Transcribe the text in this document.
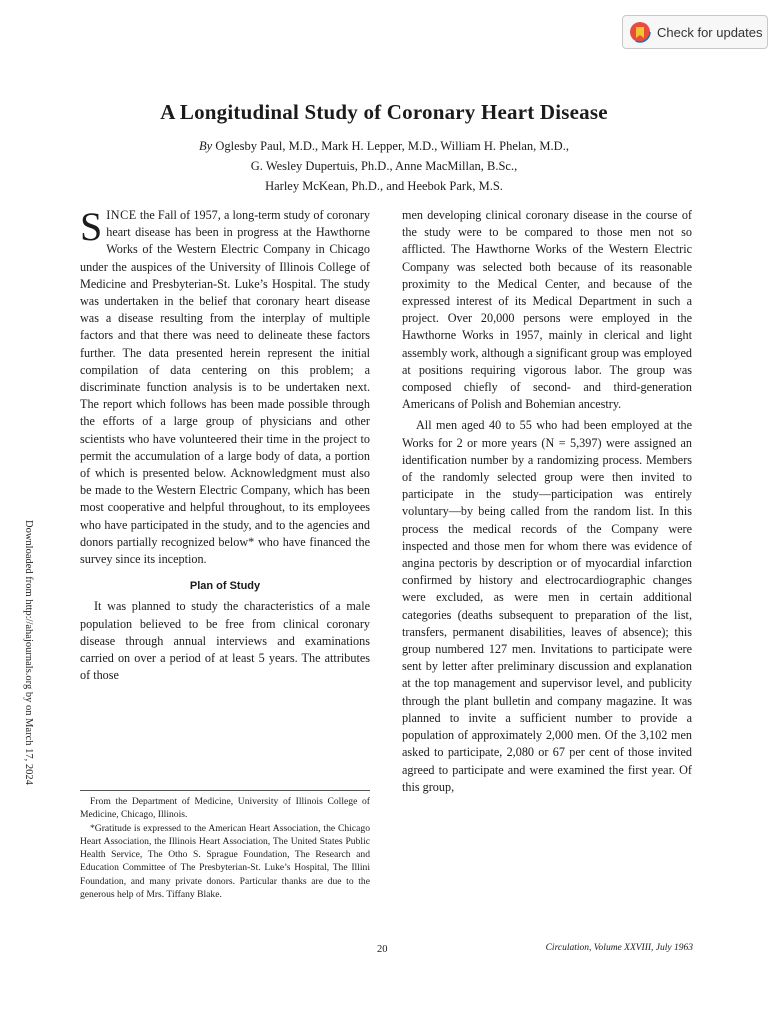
Check for updates
Downloaded from http://ahajournals.org by on March 17, 2024
A Longitudinal Study of Coronary Heart Disease
By Oglesby Paul, M.D., Mark H. Lepper, M.D., William H. Phelan, M.D.,
G. Wesley Dupertuis, Ph.D., Anne MacMillan, B.Sc.,
Harley McKean, Ph.D., and Heebok Park, M.S.

SINCE the Fall of 1957, a long-term study of coronary heart disease has been in progress at the Hawthorne Works of the Western Electric Company in Chicago under the auspices of the University of Illinois College of Medicine and Presbyterian-St. Luke’s Hospital. The study was undertaken in the belief that coronary heart disease was a disease resulting from the interplay of multiple factors and that there was need to delineate these factors further. The data presented herein represent the initial compilation of data centering on this problem; a discriminate function analysis is to be undertaken next. The report which follows has been made possible through the efforts of a large group of physicians and other scientists who have volunteered their time in the project to permit the accumulation of a large body of data, a portion of which is presented below. Acknowledgment must also be made to the Western Electric Company, which has been most cooperative and helpful throughout, to its employees who have participated in the study, and to the agencies and donors partially recognized below* who have financed the survey since its inception.

Plan of Study

It was planned to study the characteristics of a male population believed to be free from clinical coronary disease through annual interviews and examinations carried on over a period of at least 5 years. The attributes of those

From the Department of Medicine, University of Illinois College of Medicine, Chicago, Illinois.

*Gratitude is expressed to the American Heart Association, the Chicago Heart Association, the Illinois Heart Association, The United States Public Health Service, The Otho S. Sprague Foundation, The Research and Education Committee of The Presbyterian-St. Luke’s Hospital, The Illini Foundation, and many private donors. Particular thanks are due to the generous help of Mrs. Tiffany Blake.

men developing clinical coronary disease in the course of the study were to be compared to those men not so afflicted. The Hawthorne Works of the Western Electric Company was selected both because of its reasonable proximity to the Medical Center, and because of the expressed interest of its Medical Department in such a project. Over 20,000 persons were employed in the Hawthorne Works in 1957, mainly in clerical and light assembly work, although a significant group was employed at positions requiring vigorous labor. The group was composed chiefly of second- and third-generation Americans of Polish and Bohemian ancestry.

All men aged 40 to 55 who had been employed at the Works for 2 or more years (N = 5,397) were assigned an identification number by a randomizing process. Members of the randomly selected group were then invited to participate in the study—participation was entirely voluntary—by being called from the random list. In this process the medical records of the Company were inspected and those men for whom there was evidence of angina pectoris by description or of myocardial infarction confirmed by history and electrocardiographic changes were excluded, as were men in certain additional categories (deaths subsequent to preparation of the list, transfers, permanent disabilities, leaves of absence); this group numbered 127 men. Invitations to participate were sent by letter after preliminary discussion and explanation at the top management and supervisor level, and publicity through the plant bulletin and company magazine. It was planned to invite a sufficient number to provide a population of approximately 2,000 men. Of the 3,102 men asked to participate, 2,080 or 67 per cent of those invited agreed to participate and were examined the first year. Of this group,

20	Circulation, Volume XXVIII, July 1963
